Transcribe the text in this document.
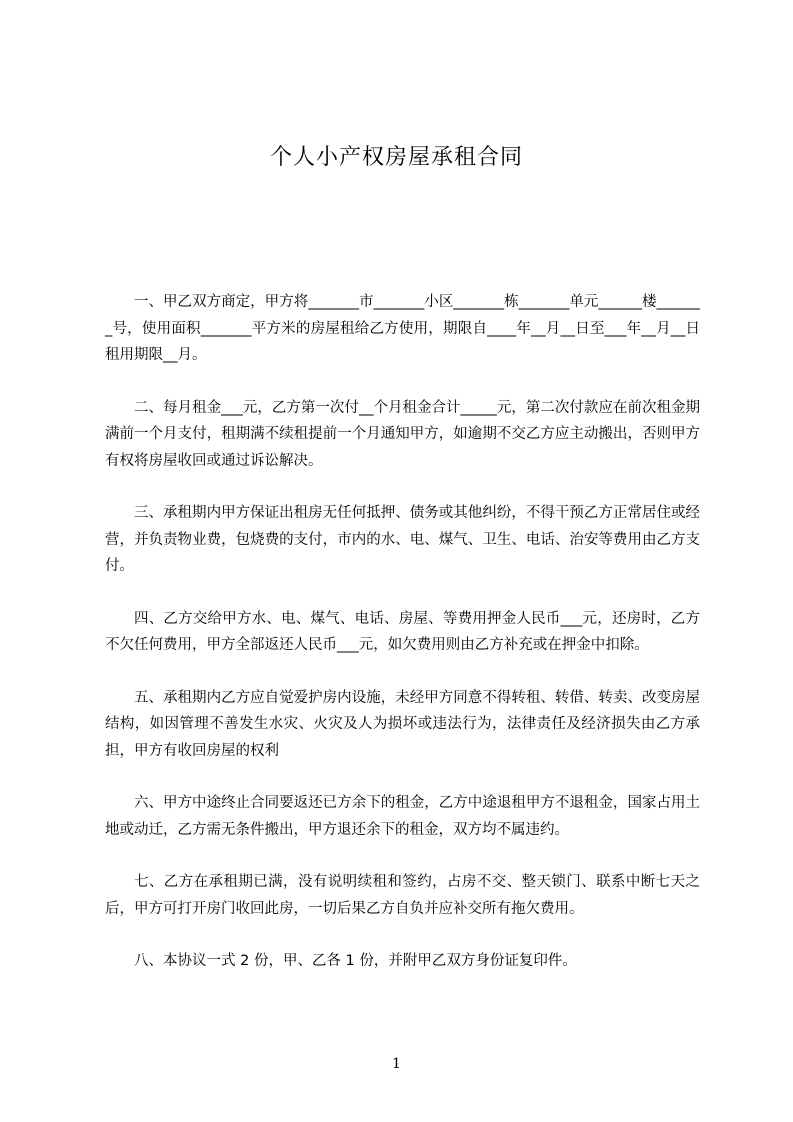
个人小产权房屋承租合同

一、甲乙双方商定，甲方将_______市_______小区_______栋_______单元______楼_______号，使用面积_______平方米的房屋租给乙方使用，期限自____年__月__日至___年__月__日租用期限__月。

二、每月租金___元，乙方第一次付__个月租金合计_____元，第二次付款应在前次租金期满前一个月支付，租期满不续租提前一个月通知甲方，如逾期不交乙方应主动搬出，否则甲方有权将房屋收回或通过诉讼解决。

三、承租期内甲方保证出租房无任何抵押、债务或其他纠纷，不得干预乙方正常居住或经营，并负责物业费，包烧费的支付，市内的水、电、煤气、卫生、电话、治安等费用由乙方支付。

四、乙方交给甲方水、电、煤气、电话、房屋、等费用押金人民币___元，还房时，乙方不欠任何费用，甲方全部返还人民币___元，如欠费用则由乙方补充或在押金中扣除。

五、承租期内乙方应自觉爱护房内设施，未经甲方同意不得转租、转借、转卖、改变房屋结构，如因管理不善发生水灾、火灾及人为损坏或违法行为，法律责任及经济损失由乙方承担，甲方有收回房屋的权利

六、甲方中途终止合同要返还已方余下的租金，乙方中途退租甲方不退租金，国家占用土地或动迁，乙方需无条件搬出，甲方退还余下的租金，双方均不属违约。

七、乙方在承租期已满，没有说明续租和签约，占房不交、整天锁门、联系中断七天之后，甲方可打开房门收回此房，一切后果乙方自负并应补交所有拖欠费用。

八、本协议一式 2 份，甲、乙各 1 份，并附甲乙双方身份证复印件。

1
